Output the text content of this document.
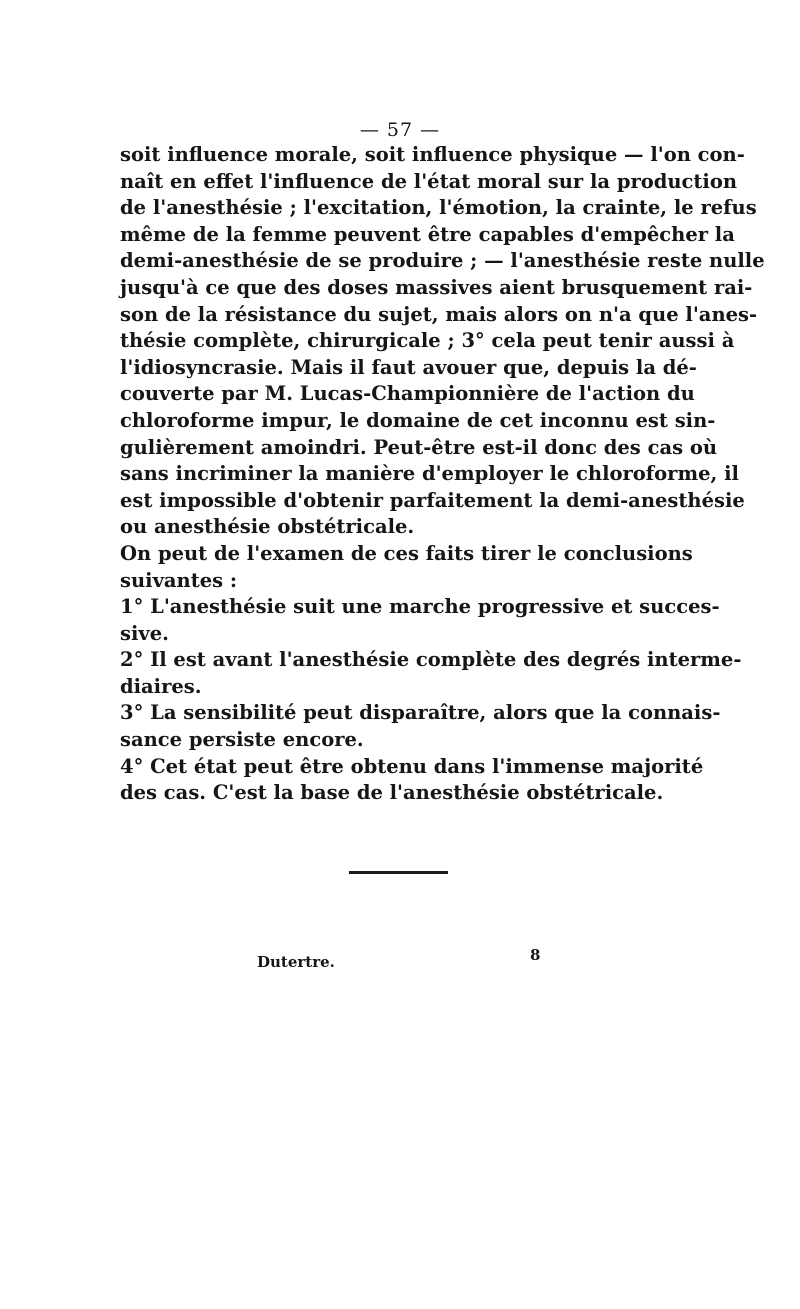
— 57 —
soit influence morale, soit influence physique — l'on con-
naît en effet l'influence de l'état moral sur la production
de l'anesthésie ; l'excitation, l'émotion, la crainte, le refus
même de la femme peuvent être capables d'empêcher la
demi-anesthésie de se produire ; — l'anesthésie reste nulle
jusqu'à ce que des doses massives aient brusquement rai-
son de la résistance du sujet, mais alors on n'a que l'anes-
thésie complète, chirurgicale ; 3° cela peut tenir aussi à
l'idiosyncrasie. Mais il faut avouer que, depuis la dé-
couverte par M. Lucas-Championnière de l'action du
chloroforme impur, le domaine de cet inconnu est sin-
gulièrement amoindri. Peut-être est-il donc des cas où
sans incriminer la manière d'employer le chloroforme, il
est impossible d'obtenir parfaitement la demi-anesthésie
ou anesthésie obstétricale.
On peut de l'examen de ces faits tirer le conclusions
suivantes :
1° L'anesthésie suit une marche progressive et succes-
sive.
2° Il est avant l'anesthésie complète des degrés interme-
diaires.
3° La sensibilité peut disparaître, alors que la connais-
sance persiste encore.
4° Cet état peut être obtenu dans l'immense majorité
des cas. C'est la base de l'anesthésie obstétricale.
Dutertre.	8
